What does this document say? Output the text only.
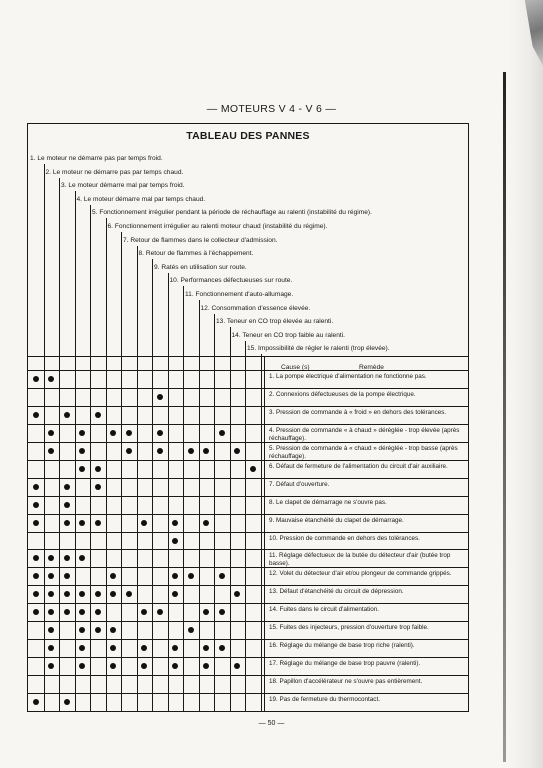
— MOTEURS V 4 - V 6 —
TABLEAU DES PANNES
1. Le moteur ne démarre pas par temps froid.
2. Le moteur ne démarre pas par temps chaud.
3. Le moteur démarre mal par temps froid.
4. Le moteur démarre mal par temps chaud.
5. Fonctionnement irrégulier pendant la période de réchauffage au ralenti (instabilité du régime).
6. Fonctionnement irrégulier au ralenti moteur chaud (instabilité du régime).
7. Retour de flammes dans le collecteur d'admission.
8. Retour de flammes à l'échappement.
9. Ratés en utilisation sur route.
10. Performances défectueuses sur route.
11. Fonctionnement d'auto-allumage.
12. Consommation d'essence élevée.
13. Teneur en CO trop élevée au ralenti.
14. Teneur en CO trop faible au ralenti.
15. Impossibilité de régler le ralenti (trop élevée).
1. La pompe électrique d'alimentation ne fonctionne pas.
2. Connexions défectueuses de la pompe électrique.
3. Pression de commande à « froid » en dehors des tolérances.
4. Pression de commande « à chaud » déréglée - trop élevée (après réchauffage).
5. Pression de commande à « chaud » déréglée - trop basse (après réchauffage).
6. Défaut de fermeture de l'alimentation du circuit d'air auxiliaire.
7. Défaut d'ouverture.
8. Le clapet de démarrage ne s'ouvre pas.
9. Mauvaise étanchéité du clapet de démarrage.
10. Pression de commande en dehors des tolérances.
11. Réglage défectueux de la butée du détecteur d'air (butée trop basse).
12. Volet du détecteur d'air et/ou plongeur de commande grippés.
13. Défaut d'étanchéité du circuit de dépression.
14. Fuites dans le circuit d'alimentation.
15. Fuites des injecteurs, pression d'ouverture trop faible.
16. Réglage du mélange de base trop riche (ralenti).
17. Réglage du mélange de base trop pauvre (ralenti).
18. Papillon d'accélérateur ne s'ouvre pas entièrement.
19. Pas de fermeture du thermocontact.
Cause (s)	Remède
— 50 —
